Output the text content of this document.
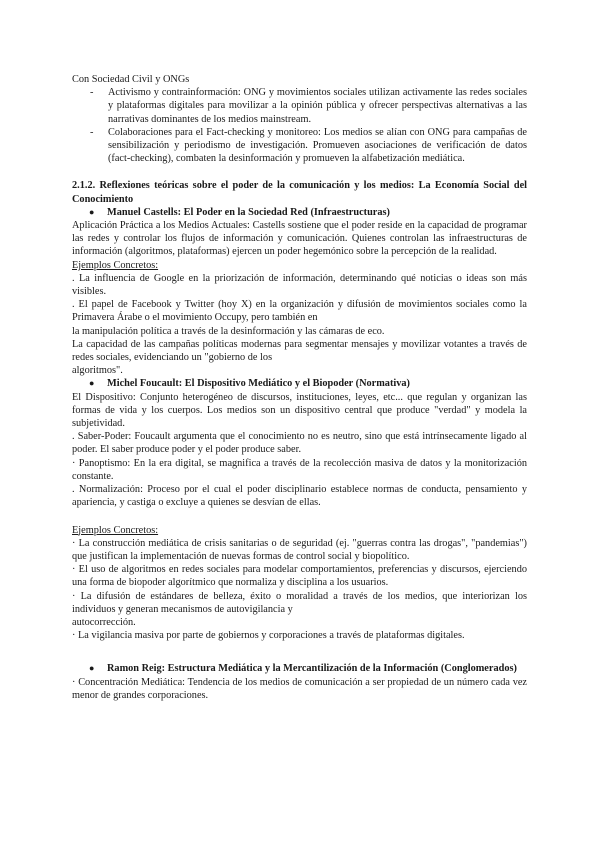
Con Sociedad Civil y ONGs

- Activismo y contrainformación: ONG y movimientos sociales utilizan activamente las redes sociales y plataformas digitales para movilizar a la opinión pública y ofrecer perspectivas alternativas a las narrativas dominantes de los medios mainstream.
- Colaboraciones para el Fact-checking y monitoreo: Los medios se alían con ONG para campañas de sensibilización y periodismo de investigación. Promueven asociaciones de verificación de datos (fact-checking), combaten la desinformación y promueven la alfabetización mediática.

2.1.2. Reflexiones teóricas sobre el poder de la comunicación y los medios: La Economía Social del Conocimiento

● Manuel Castells: El Poder en la Sociedad Red (Infraestructuras)

Aplicación Práctica a los Medios Actuales: Castells sostiene que el poder reside en la capacidad de programar las redes y controlar los flujos de información y comunicación. Quienes controlan las infraestructuras de información (algoritmos, plataformas) ejercen un poder hegemónico sobre la percepción de la realidad.

Ejemplos Concretos:

. La influencia de Google en la priorización de información, determinando qué noticias o ideas son más visibles.

. El papel de Facebook y Twitter (hoy X) en la organización y difusión de movimientos sociales como la Primavera Árabe o el movimiento Occupy, pero también en

la manipulación política a través de la desinformación y las cámaras de eco.

La capacidad de las campañas políticas modernas para segmentar mensajes y movilizar votantes a través de redes sociales, evidenciando un "gobierno de los

algoritmos".

● Michel Foucault: El Dispositivo Mediático y el Biopoder (Normativa)

El Dispositivo: Conjunto heterogéneo de discursos, instituciones, leyes, etc... que regulan y organizan las formas de vida y los cuerpos. Los medios son un dispositivo central que produce "verdad" y modela la subjetividad.

. Saber-Poder: Foucault argumenta que el conocimiento no es neutro, sino que está intrínsecamente ligado al poder. El saber produce poder y el poder produce saber.

· Panoptismo: En la era digital, se magnifica a través de la recolección masiva de datos y la monitorización constante.

. Normalización: Proceso por el cual el poder disciplinario establece normas de conducta, pensamiento y apariencia, y castiga o excluye a quienes se desvían de ellas.

Ejemplos Concretos:

· La construcción mediática de crisis sanitarias o de seguridad (ej. "guerras contra las drogas", "pandemias") que justifican la implementación de nuevas formas de control social y biopolítico.

· El uso de algoritmos en redes sociales para modelar comportamientos, preferencias y discursos, ejerciendo una forma de biopoder algorítmico que normaliza y disciplina a los usuarios.

· La difusión de estándares de belleza, éxito o moralidad a través de los medios, que interiorizan los individuos y generan mecanismos de autovigilancia y

autocorrección.

· La vigilancia masiva por parte de gobiernos y corporaciones a través de plataformas digitales.

● Ramon Reig: Estructura Mediática y la Mercantilización de la Información (Conglomerados)

· Concentración Mediática: Tendencia de los medios de comunicación a ser propiedad de un número cada vez menor de grandes corporaciones.
